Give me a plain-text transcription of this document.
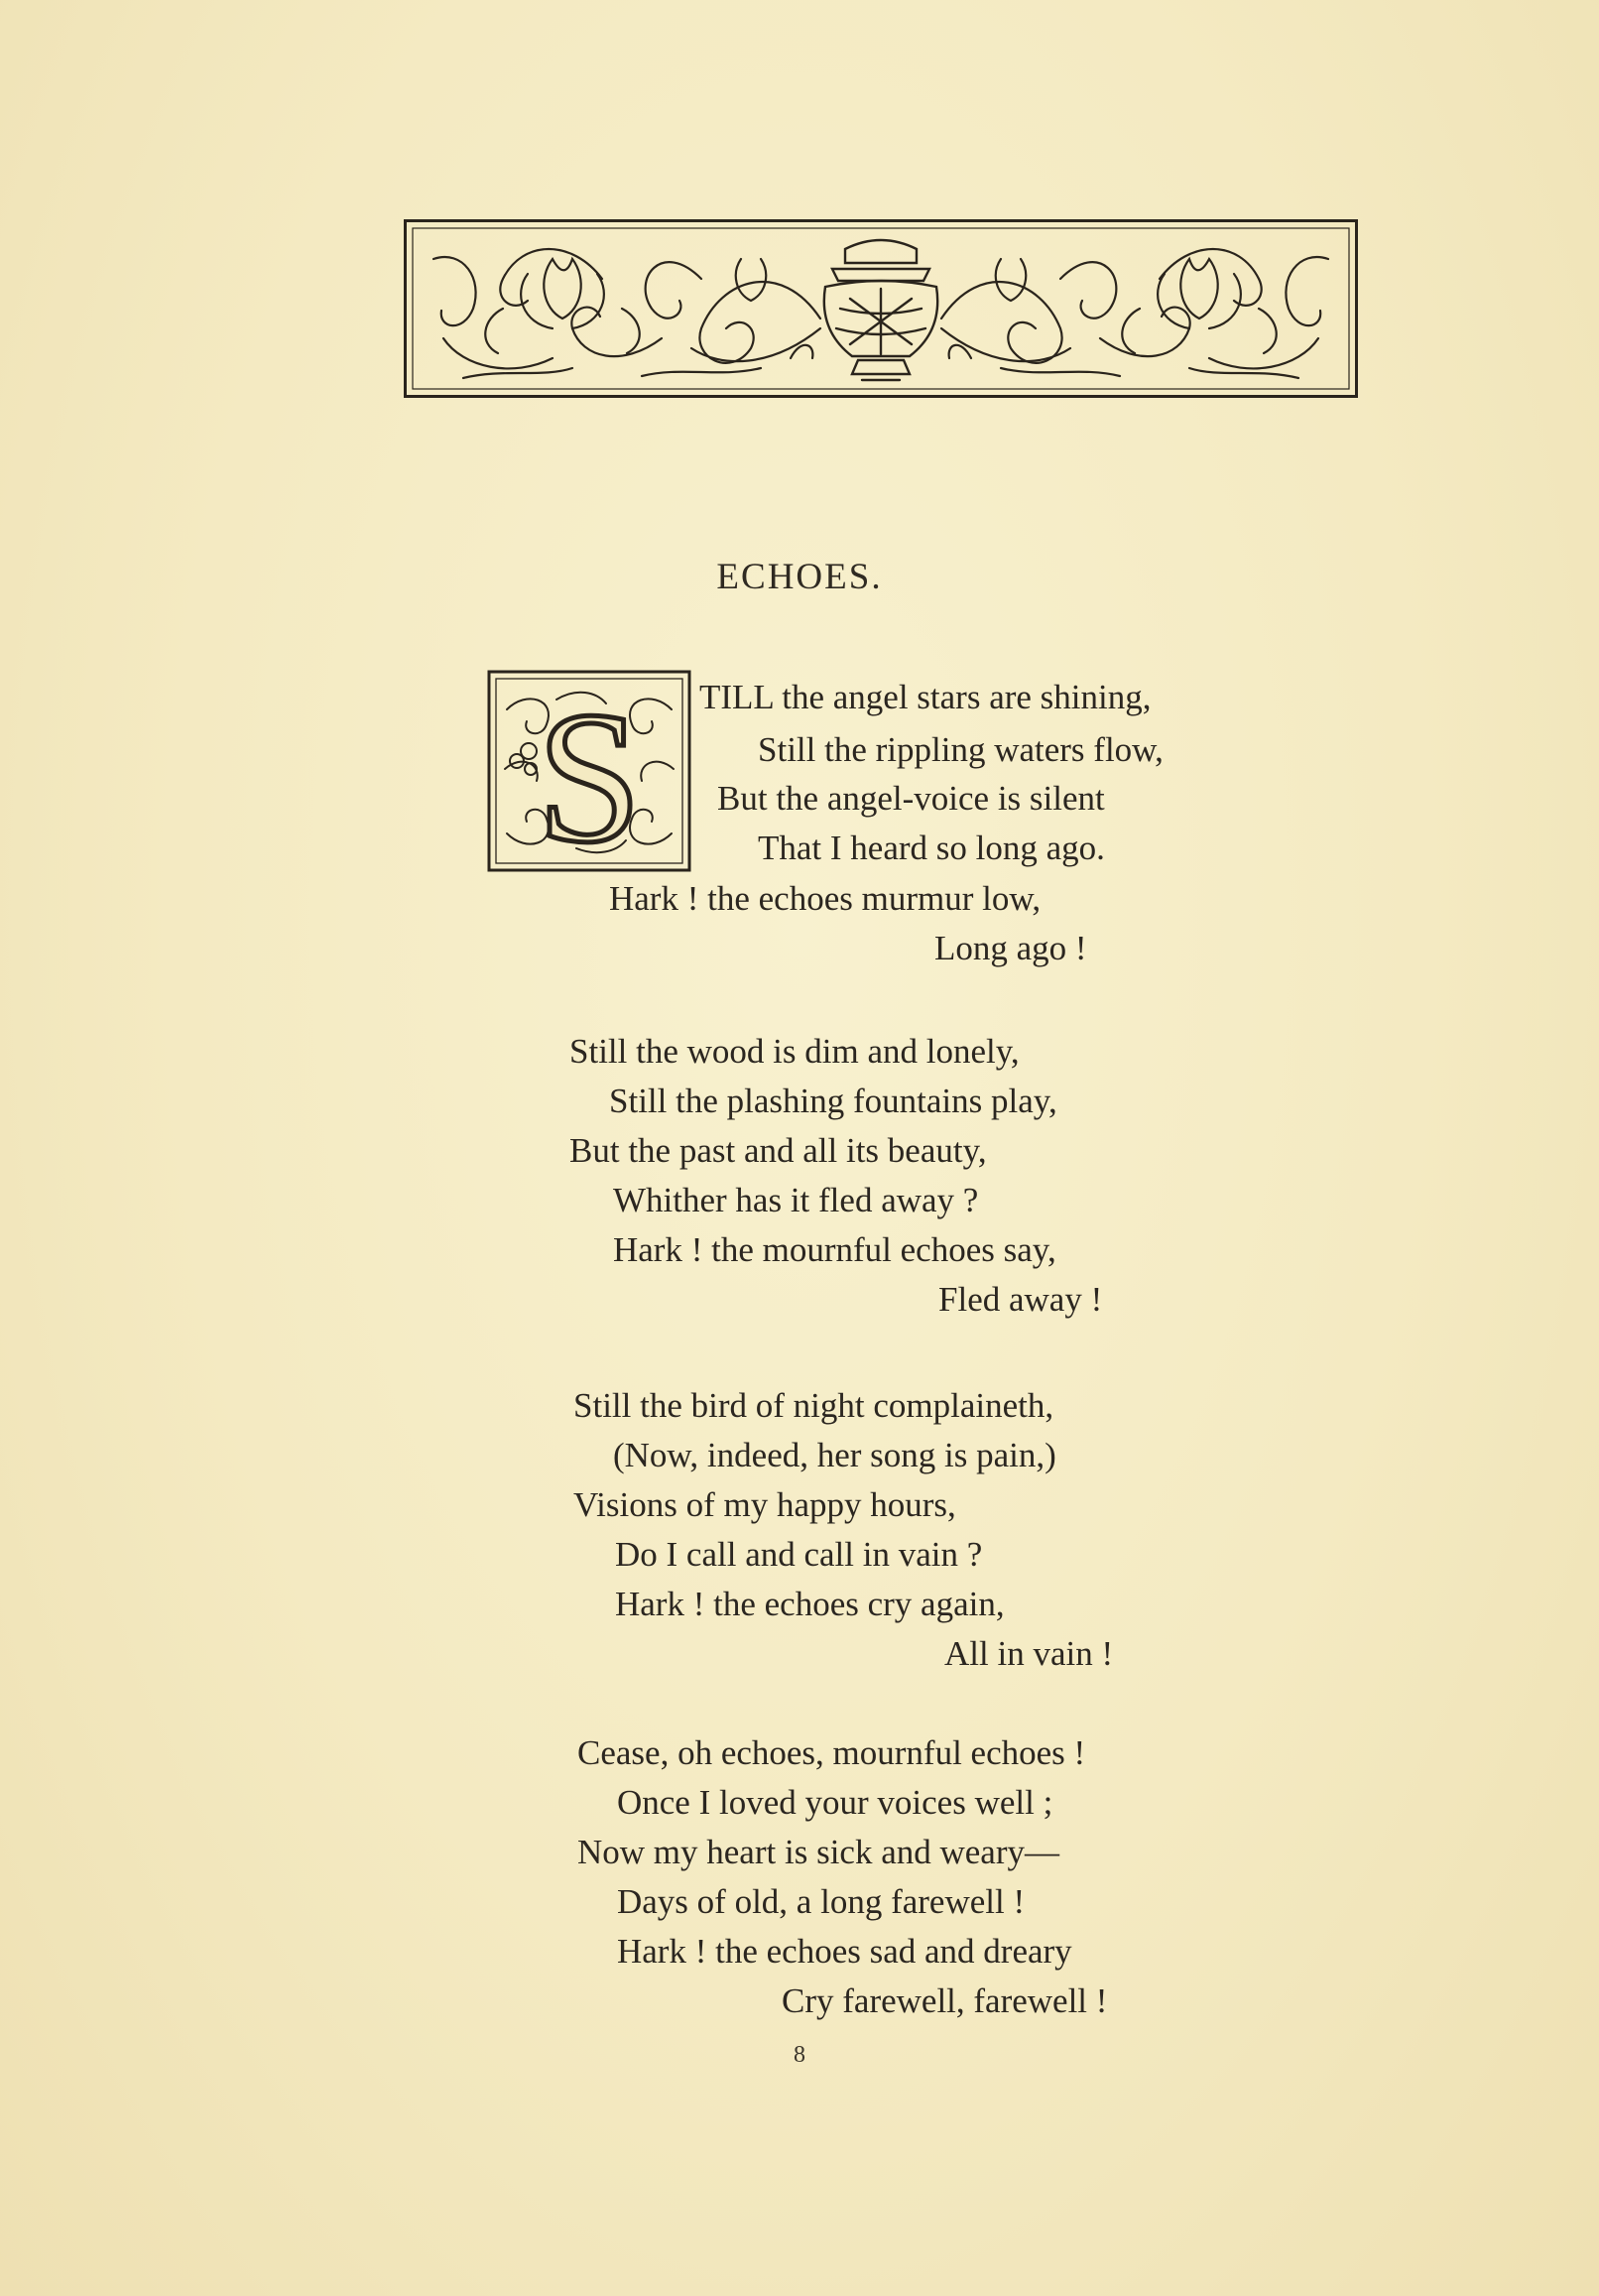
ECHOES.
S TILL the angel stars are shining,
Still the rippling waters flow,
But the angel-voice is silent
That I heard so long ago.
Hark ! the echoes murmur low,
Long ago !
Still the wood is dim and lonely,
Still the plashing fountains play,
But the past and all its beauty,
Whither has it fled away ?
Hark ! the mournful echoes say,
Fled away !
Still the bird of night complaineth,
(Now, indeed, her song is pain,)
Visions of my happy hours,
Do I call and call in vain ?
Hark ! the echoes cry again,
All in vain !
Cease, oh echoes, mournful echoes !
Once I loved your voices well ;
Now my heart is sick and weary—
Days of old, a long farewell !
Hark ! the echoes sad and dreary
Cry farewell, farewell !
8
